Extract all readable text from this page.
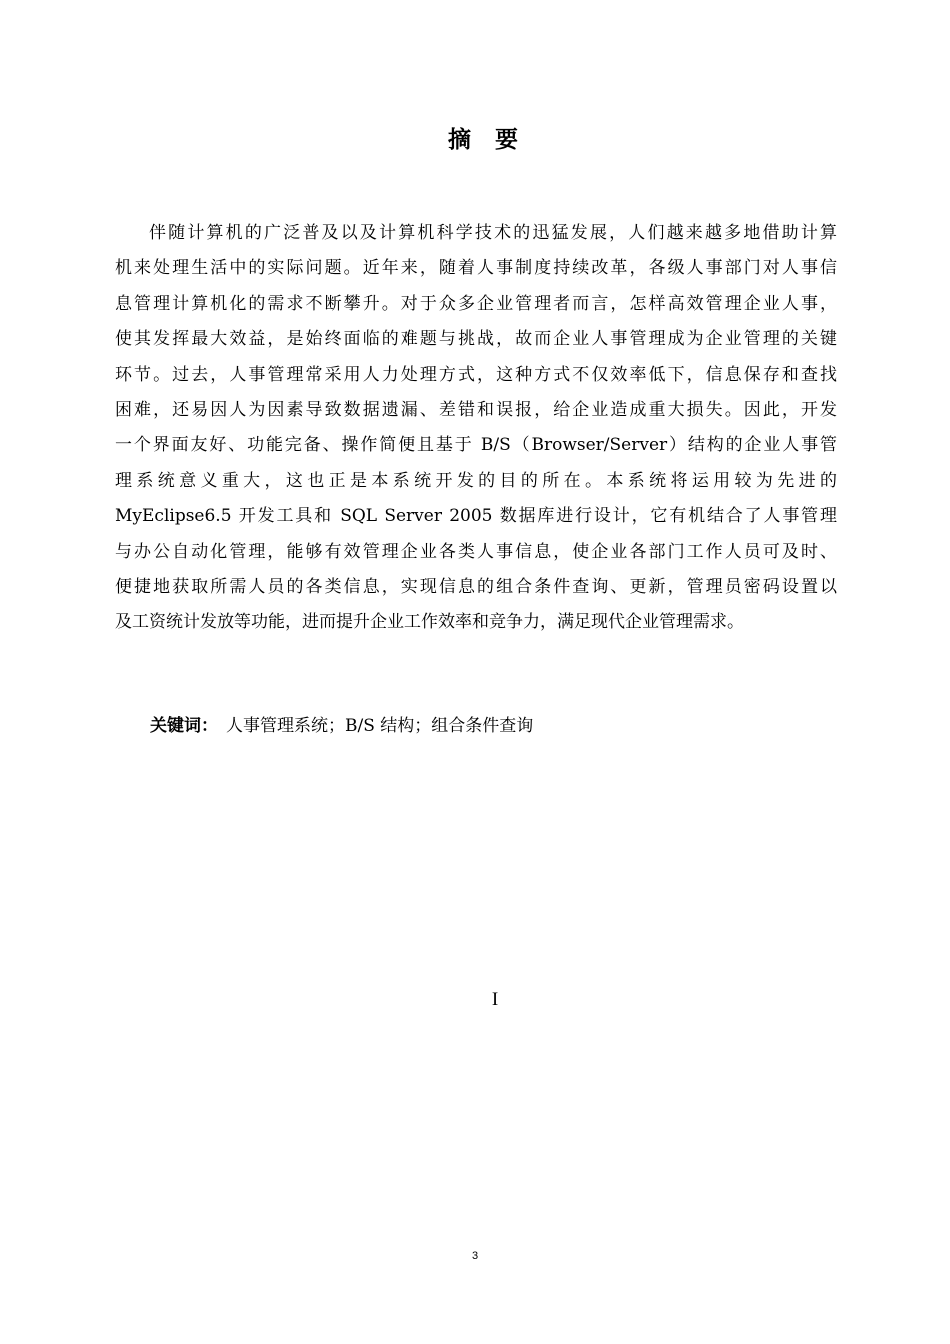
摘 要
伴随计算机的广泛普及以及计算机科学技术的迅猛发展，人们越来越多地借助计算
机来处理生活中的实际问题。近年来，随着人事制度持续改革，各级人事部门对人事信
息管理计算机化的需求不断攀升。对于众多企业管理者而言，怎样高效管理企业人事，
使其发挥最大效益，是始终面临的难题与挑战，故而企业人事管理成为企业管理的关键
环节。过去，人事管理常采用人力处理方式，这种方式不仅效率低下，信息保存和查找
困难，还易因人为因素导致数据遗漏、差错和误报，给企业造成重大损失。因此，开发
一个界面友好、功能完备、操作简便且基于 B/S（Browser/Server）结构的企业人事管
理系统意义重大，这也正是本系统开发的目的所在。本系统将运用较为先进的
MyEclipse6.5 开发工具和 SQL Server 2005 数据库进行设计，它有机结合了人事管理
与办公自动化管理，能够有效管理企业各类人事信息，使企业各部门工作人员可及时、
便捷地获取所需人员的各类信息，实现信息的组合条件查询、更新，管理员密码设置以
及工资统计发放等功能，进而提升企业工作效率和竞争力，满足现代企业管理需求。
关键词： 人事管理系统；B/S 结构；组合条件查询
I
3
